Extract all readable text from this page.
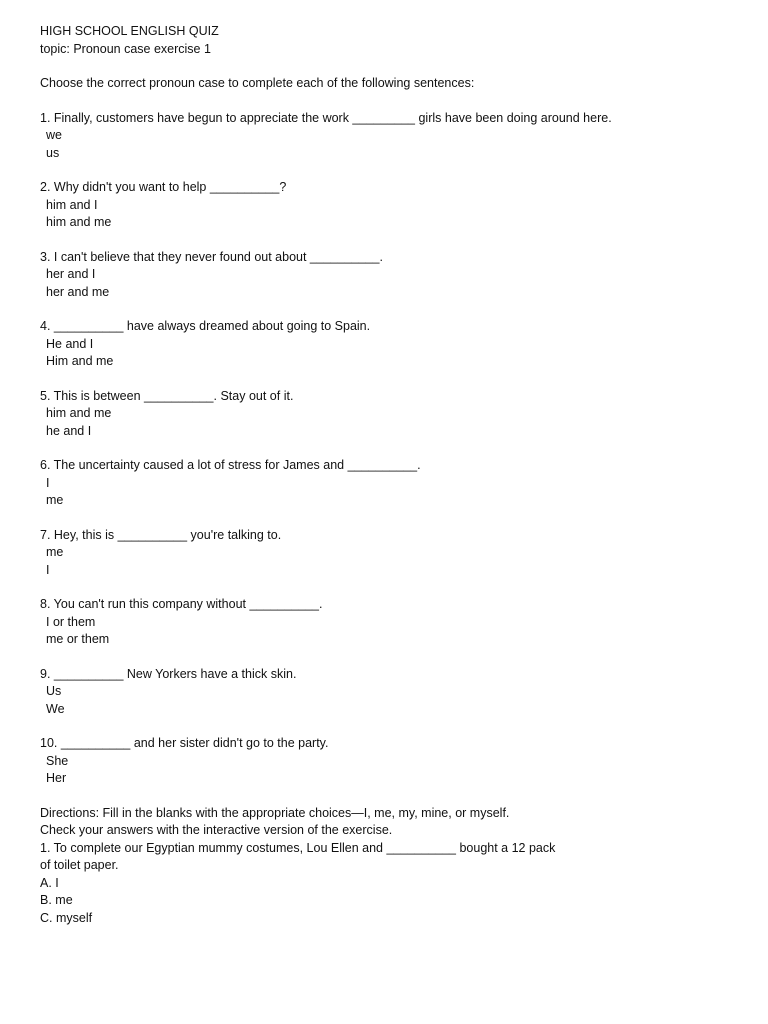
HIGH SCHOOL ENGLISH QUIZ
topic: Pronoun case exercise 1
Choose the correct pronoun case to complete each of the following sentences:
1. Finally, customers have begun to appreciate the work _________ girls have been doing around here.
we
us
2. Why didn't you want to help __________?
him and I
him and me
3. I can't believe that they never found out about __________.
her and I
her and me
4. __________ have always dreamed about going to Spain.
He and I
Him and me
5. This is between __________. Stay out of it.
him and me
he and I
6. The uncertainty caused a lot of stress for James and __________.
I
me
7. Hey, this is __________ you're talking to.
me
I
8. You can't run this company without __________.
I or them
me or them
9. __________ New Yorkers have a thick skin.
Us
We
10. __________ and her sister didn't go to the party.
She
Her
Directions: Fill in the blanks with the appropriate choices—I, me, my, mine, or myself.
Check your answers with the interactive version of the exercise.
1. To complete our Egyptian mummy costumes, Lou Ellen and __________ bought a 12 pack
of toilet paper.
A. I
B. me
C. myself
